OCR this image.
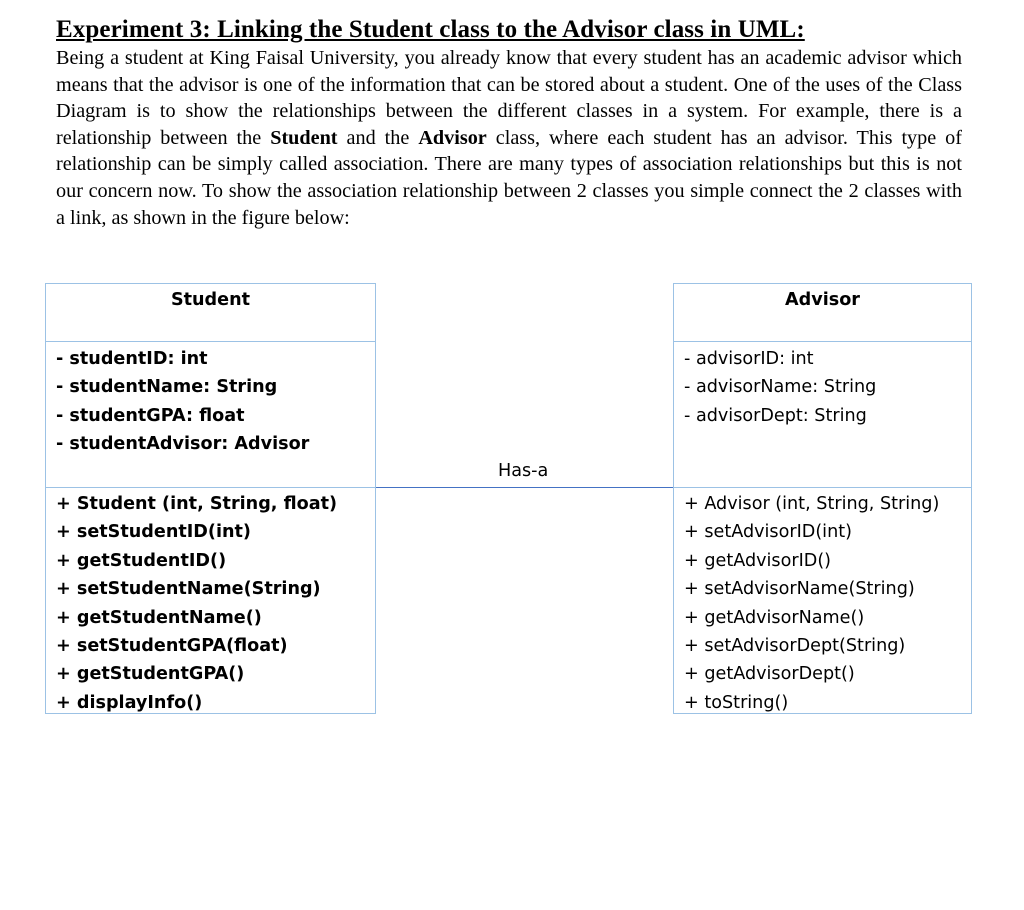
Experiment 3: Linking the Student class to the Advisor class in UML:

Being a student at King Faisal University, you already know that every student has an academic advisor which means that the advisor is one of the information that can be stored about a student. One of the uses of the Class Diagram is to show the relationships between the different classes in a system. For example, there is a relationship between the Student and the Advisor class, where each student has an advisor. This type of relationship can be simply called association. There are many types of association relationships but this is not our concern now. To show the association relationship between 2 classes you simple connect the 2 classes with a link, as shown in the figure below:

Student
- studentID: int
- studentName: String
- studentGPA: float
- studentAdvisor: Advisor
+ Student (int, String, float)
+ setStudentID(int)
+ getStudentID()
+ setStudentName(String)
+ getStudentName()
+ setStudentGPA(float)
+ getStudentGPA()
+ displayInfo()
Has-a
Advisor
- advisorID: int
- advisorName: String
- advisorDept: String
+ Advisor (int, String, String)
+ setAdvisorID(int)
+ getAdvisorID()
+ setAdvisorName(String)
+ getAdvisorName()
+ setAdvisorDept(String)
+ getAdvisorDept()
+ toString()
